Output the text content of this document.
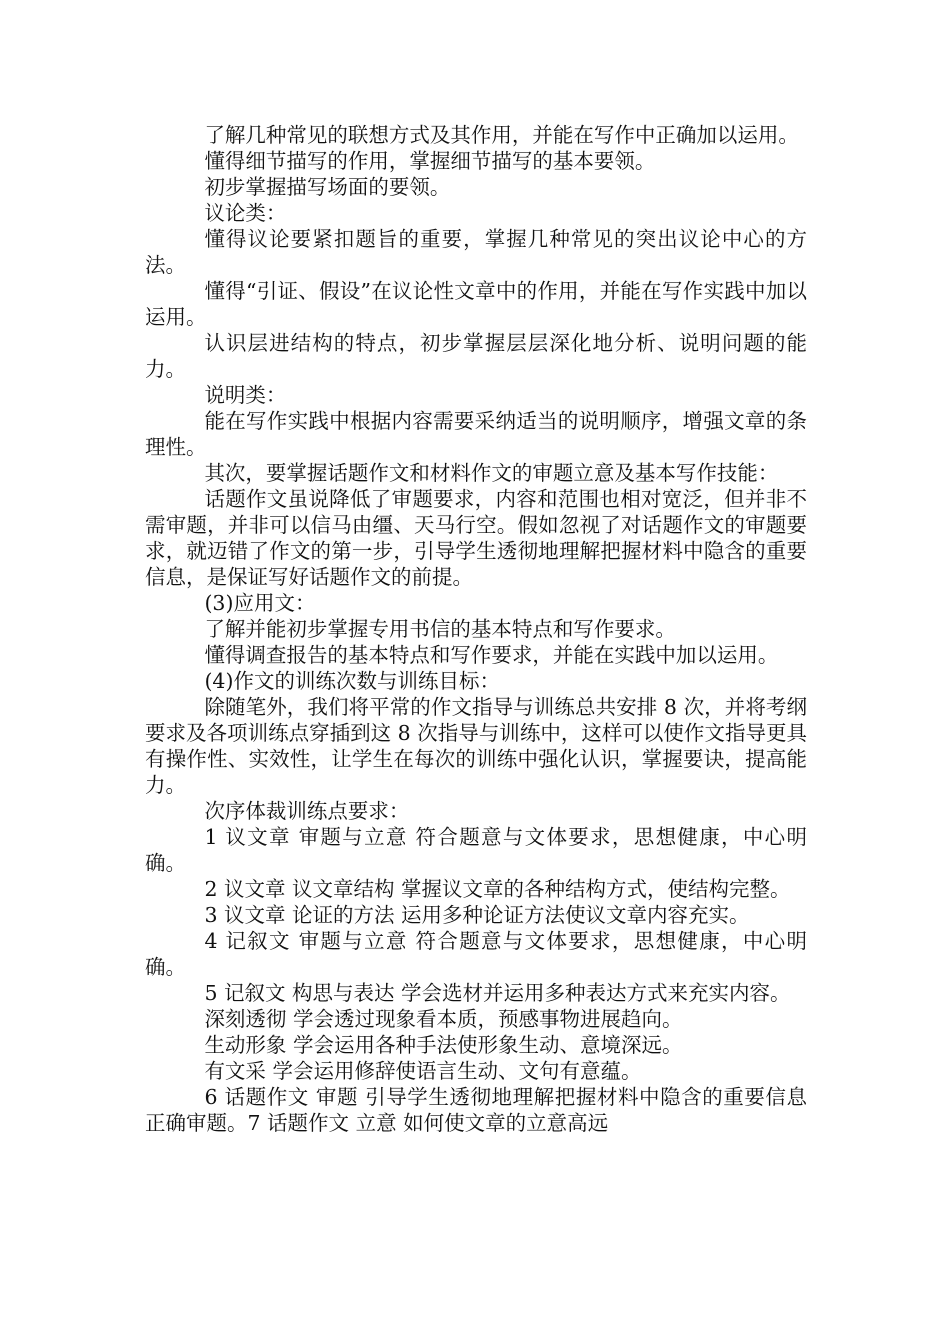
了解几种常见的联想方式及其作用，并能在写作中正确加以运用。

懂得细节描写的作用，掌握细节描写的基本要领。

初步掌握描写场面的要领。

议论类：

懂得议论要紧扣题旨的重要，掌握几种常见的突出议论中心的方法。

懂得“引证、假设”在议论性文章中的作用，并能在写作实践中加以运用。

认识层进结构的特点，初步掌握层层深化地分析、说明问题的能力。

说明类：

能在写作实践中根据内容需要采纳适当的说明顺序，增强文章的条理性。

其次，要掌握话题作文和材料作文的审题立意及基本写作技能：

话题作文虽说降低了审题要求，内容和范围也相对宽泛，但并非不需审题，并非可以信马由缰、天马行空。假如忽视了对话题作文的审题要求，就迈错了作文的第一步，引导学生透彻地理解把握材料中隐含的重要信息，是保证写好话题作文的前提。

(3)应用文：

了解并能初步掌握专用书信的基本特点和写作要求。

懂得调查报告的基本特点和写作要求，并能在实践中加以运用。

(4)作文的训练次数与训练目标：

除随笔外，我们将平常的作文指导与训练总共安排 8 次，并将考纲要求及各项训练点穿插到这 8 次指导与训练中，这样可以使作文指导更具有操作性、实效性，让学生在每次的训练中强化认识，掌握要诀，提高能力。

次序体裁训练点要求：

1 议文章 审题与立意 符合题意与文体要求，思想健康，中心明确。

2 议文章 议文章结构 掌握议文章的各种结构方式，使结构完整。

3 议文章 论证的方法 运用多种论证方法使议文章内容充实。

4 记叙文 审题与立意 符合题意与文体要求，思想健康，中心明确。

5 记叙文 构思与表达 学会选材并运用多种表达方式来充实内容。

深刻透彻 学会透过现象看本质，预感事物进展趋向。

生动形象 学会运用各种手法使形象生动、意境深远。

有文采 学会运用修辞使语言生动、文句有意蕴。

6 话题作文 审题 引导学生透彻地理解把握材料中隐含的重要信息正确审题。7 话题作文 立意 如何使文章的立意高远
